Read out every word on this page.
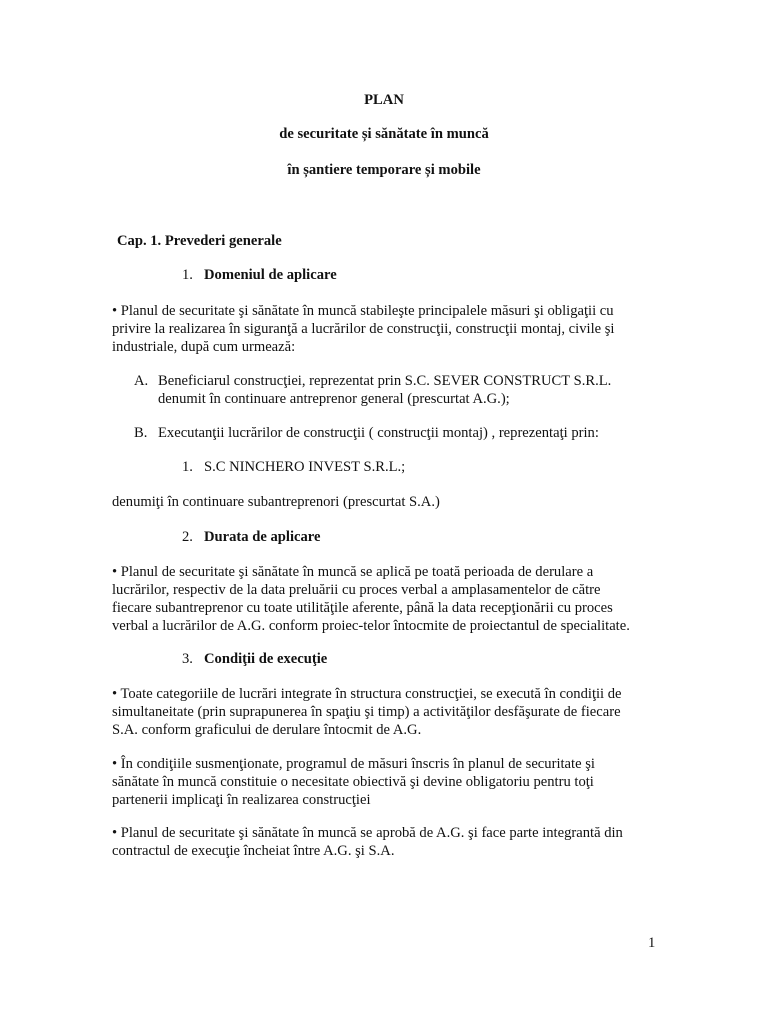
PLAN
de securitate și sănătate în muncă
în șantiere temporare și mobile
Cap. 1. Prevederi generale
1. Domeniul de aplicare
• Planul de securitate şi sănătate în muncă stabileşte principalele măsuri şi obligaţii cu
privire la realizarea în siguranţă a lucrărilor de construcţii, construcţii montaj, civile şi
industriale, după cum urmează:
A. Beneficiarul construcţiei, reprezentat prin S.C. SEVER CONSTRUCT S.R.L.
denumit în continuare antreprenor general (prescurtat A.G.);
B. Executanţii lucrărilor de construcţii ( construcţii montaj) , reprezentaţi prin:
1. S.C NINCHERO INVEST S.R.L.;
denumiţi în continuare subantreprenori (prescurtat S.A.)
2. Durata de aplicare
• Planul de securitate şi sănătate în muncă se aplică pe toată perioada de derulare a
lucrărilor, respectiv de la data preluării cu proces verbal a amplasamentelor de către
fiecare subantreprenor cu toate utilităţile aferente, până la data recepţionării cu proces
verbal a lucrărilor de A.G. conform proiec-telor întocmite de proiectantul de specialitate.
3. Condiţii de execuţie
• Toate categoriile de lucrări integrate în structura construcţiei, se execută în condiţii de
simultaneitate (prin suprapunerea în spaţiu şi timp) a activităţilor desfăşurate de fiecare
S.A. conform graficului de derulare întocmit de A.G.
• În condiţiile susmenţionate, programul de măsuri înscris în planul de securitate şi
sănătate în muncă constituie o necesitate obiectivă şi devine obligatoriu pentru toţi
partenerii implicaţi în realizarea construcţiei
• Planul de securitate şi sănătate în muncă se aprobă de A.G. şi face parte integrantă din
contractul de execuţie încheiat între A.G. şi S.A.
1
